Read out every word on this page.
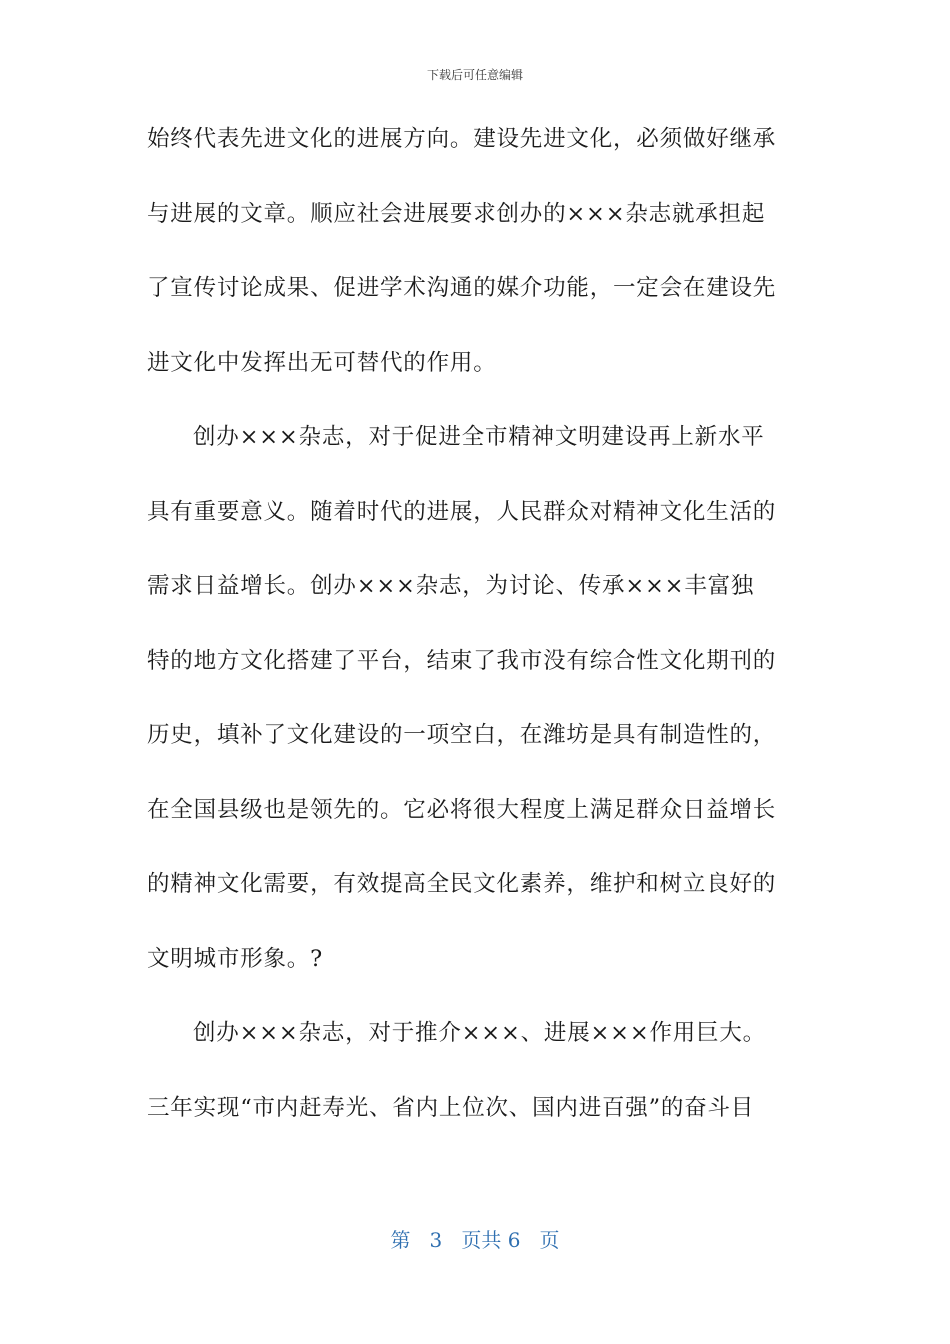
下载后可任意编辑
始终代表先进文化的进展方向。建设先进文化，必须做好继承
与进展的文章。顺应社会进展要求创办的×××杂志就承担起
了宣传讨论成果、促进学术沟通的媒介功能，一定会在建设先
进文化中发挥出无可替代的作用。
创办×××杂志，对于促进全市精神文明建设再上新水平
具有重要意义。随着时代的进展，人民群众对精神文化生活的
需求日益增长。创办×××杂志，为讨论、传承×××丰富独
特的地方文化搭建了平台，结束了我市没有综合性文化期刊的
历史，填补了文化建设的一项空白，在潍坊是具有制造性的，
在全国县级也是领先的。它必将很大程度上满足群众日益增长
的精神文化需要，有效提高全民文化素养，维护和树立良好的
文明城市形象。?
创办×××杂志，对于推介×××、进展×××作用巨大。
三年实现“市内赶寿光、省内上位次、国内进百强”的奋斗目
第 3 页共 6 页
